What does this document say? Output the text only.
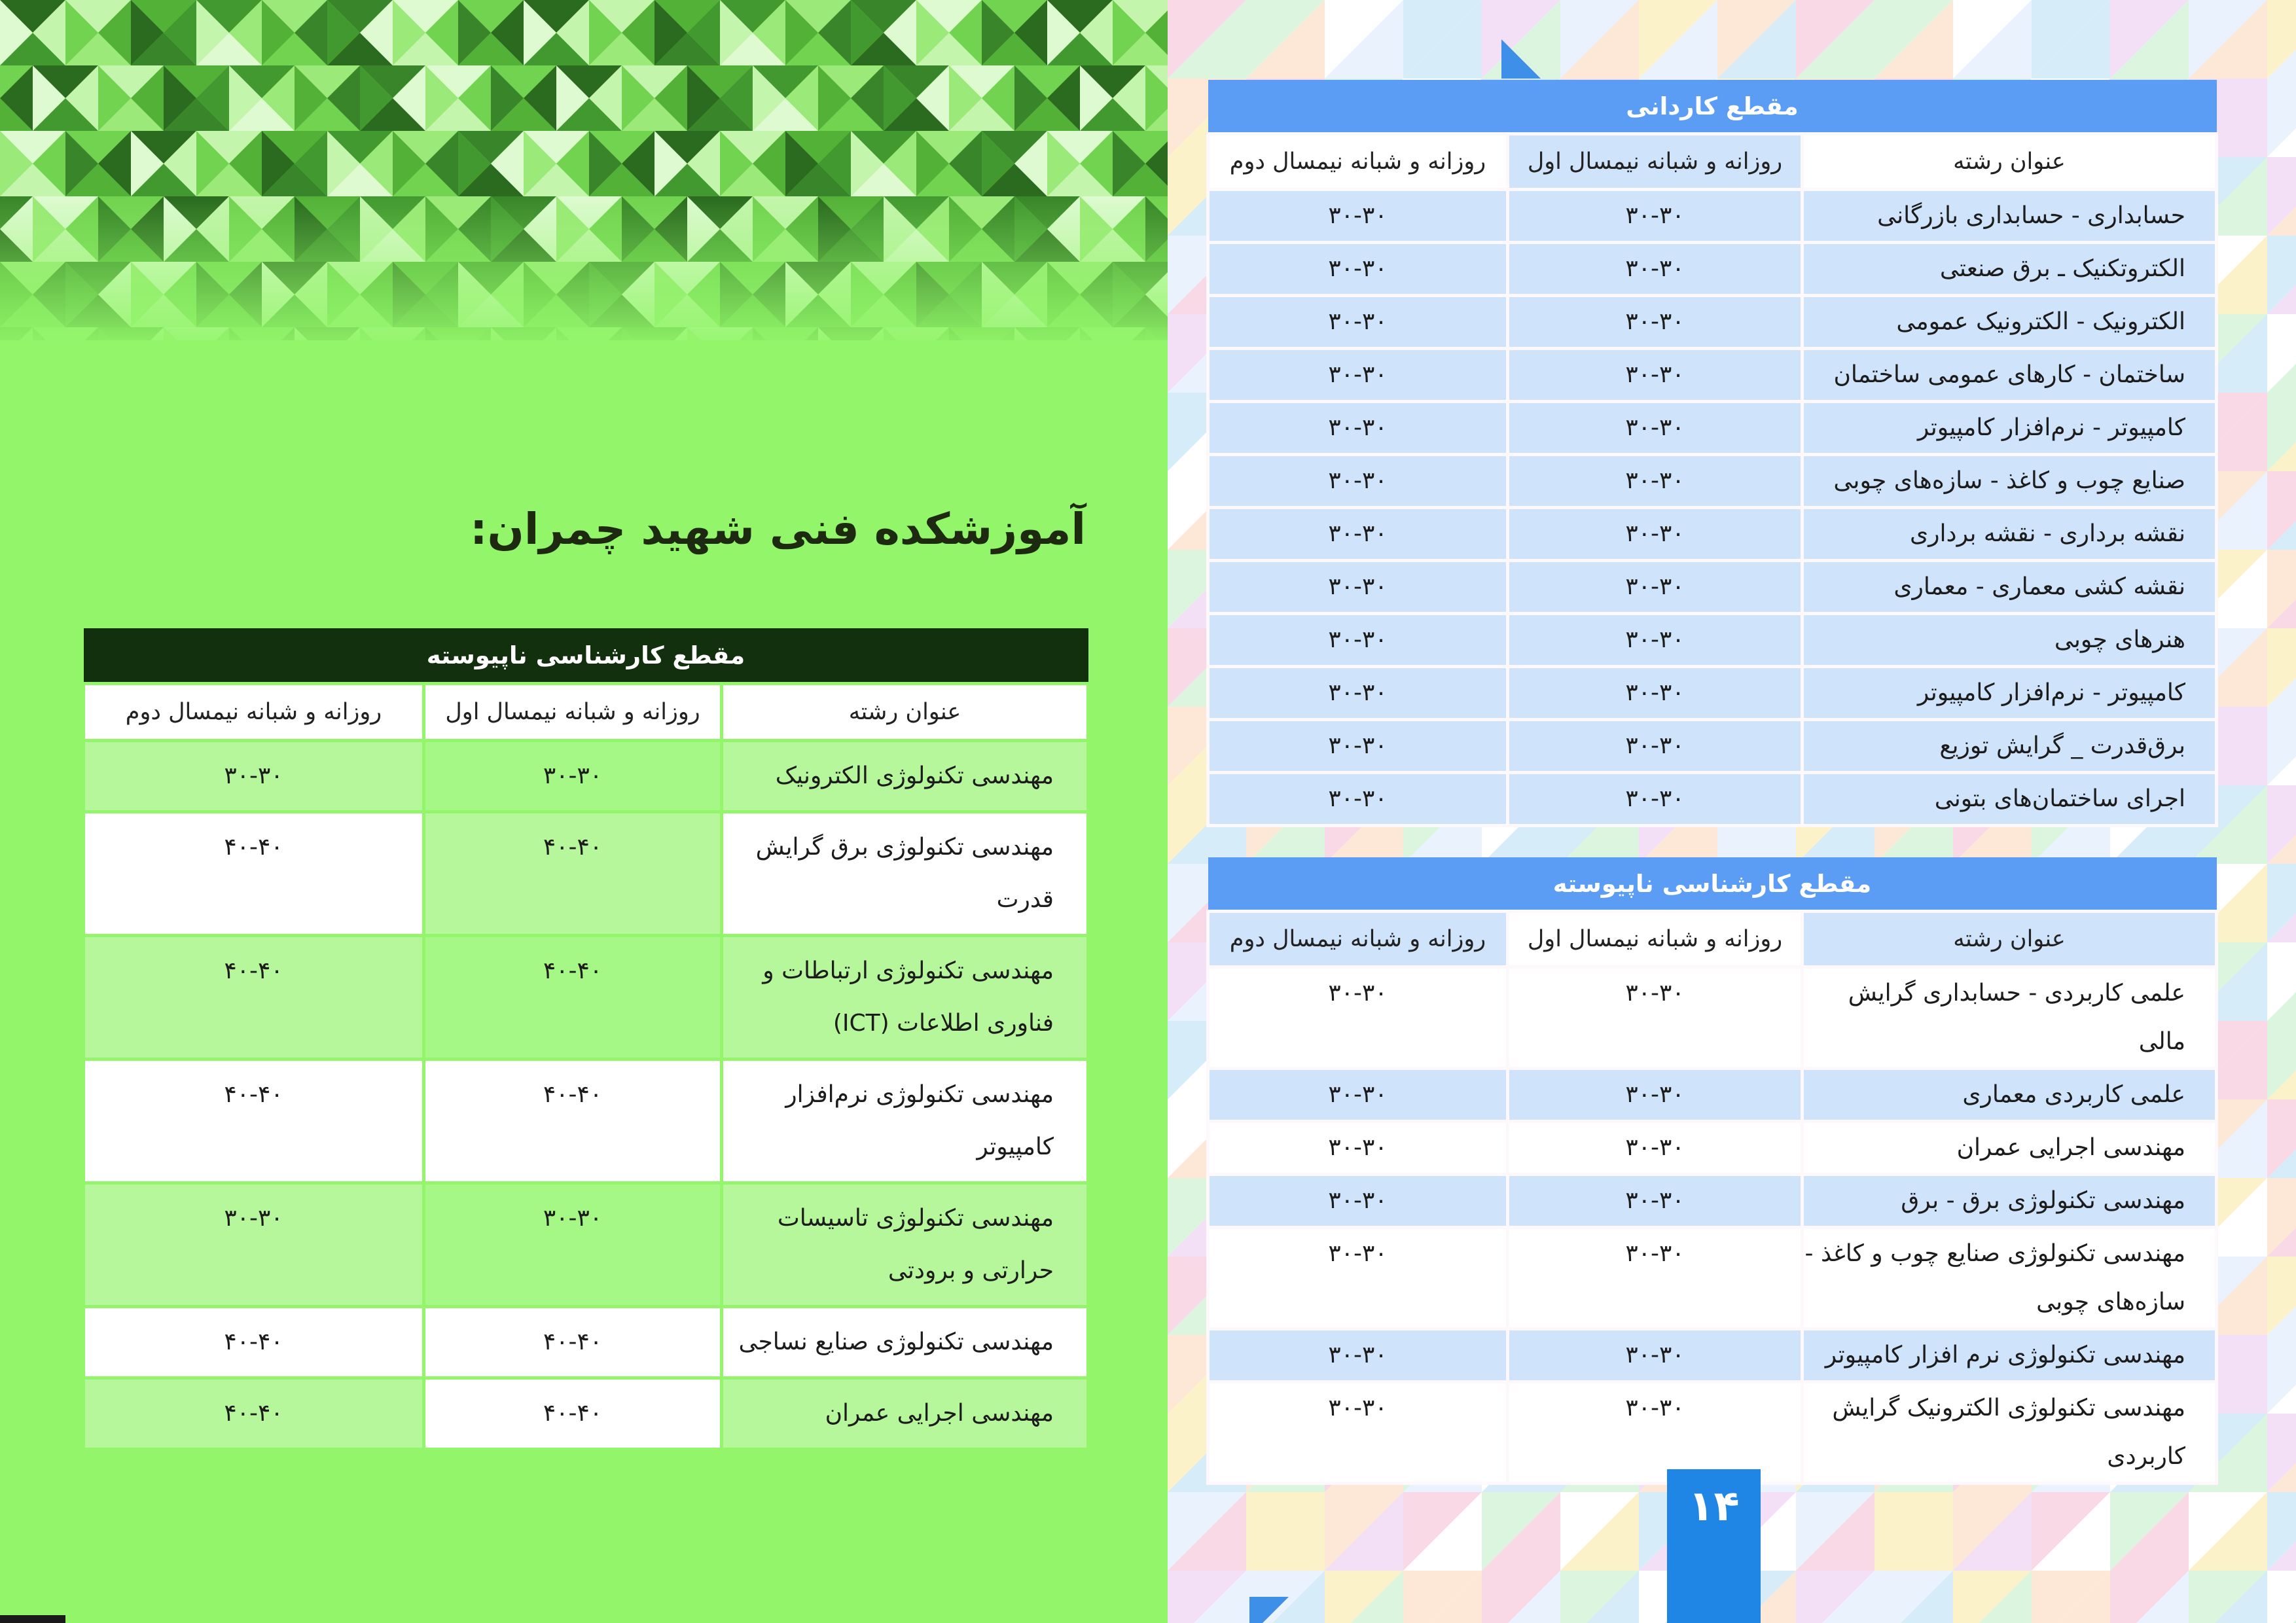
آموزشکده فنی شهید چمران:
مقطع کارشناسی ناپیوسته		
عنوان رشته	روزانه و شبانه نیمسال اول	روزانه و شبانه نیمسال دوم
مهندسی تکنولوژی الکترونیک	۳۰-۳۰	۳۰-۳۰
مهندسی تکنولوژی برق گرایش قدرت	۴۰-۴۰	۴۰-۴۰
مهندسی تکنولوژی ارتباطات و فناوری اطلاعات (ICT)	۴۰-۴۰	۴۰-۴۰
مهندسی تکنولوژی نرم‌افزار کامپیوتر	۴۰-۴۰	۴۰-۴۰
مهندسی تکنولوژی تاسیسات حرارتی و برودتی	۳۰-۳۰	۳۰-۳۰
مهندسی تکنولوژی صنایع نساجی	۴۰-۴۰	۴۰-۴۰
مهندسی اجرایی عمران	۴۰-۴۰	۴۰-۴۰
مقطع کاردانی		
عنوان رشته	روزانه و شبانه نیمسال اول	روزانه و شبانه نیمسال دوم
حسابداری - حسابداری بازرگانی	۳۰-۳۰	۳۰-۳۰
الکتروتکنیک ـ برق صنعتی	۳۰-۳۰	۳۰-۳۰
الکترونیک - الکترونیک عمومی	۳۰-۳۰	۳۰-۳۰
ساختمان - کارهای عمومی ساختمان	۳۰-۳۰	۳۰-۳۰
کامپیوتر - نرم‌افزار کامپیوتر	۳۰-۳۰	۳۰-۳۰
صنایع چوب و کاغذ - سازه‌های چوبی	۳۰-۳۰	۳۰-۳۰
نقشه برداری - نقشه برداری	۳۰-۳۰	۳۰-۳۰
نقشه کشی معماری - معماری	۳۰-۳۰	۳۰-۳۰
هنرهای چوبی	۳۰-۳۰	۳۰-۳۰
کامپیوتر - نرم‌افزار کامپیوتر	۳۰-۳۰	۳۰-۳۰
برق‌قدرت _ گرایش توزیع	۳۰-۳۰	۳۰-۳۰
اجرای ساختمان‌های بتونی	۳۰-۳۰	۳۰-۳۰
مقطع کارشناسی ناپیوسته		
عنوان رشته	روزانه و شبانه نیمسال اول	روزانه و شبانه نیمسال دوم
علمی کاربردی - حسابداری گرایش مالی	۳۰-۳۰	۳۰-۳۰
علمی کاربردی معماری	۳۰-۳۰	۳۰-۳۰
مهندسی اجرایی عمران	۳۰-۳۰	۳۰-۳۰
مهندسی تکنولوژی برق - برق	۳۰-۳۰	۳۰-۳۰
مهندسی تکنولوژی صنایع چوب و کاغذ - سازه‌های چوبی	۳۰-۳۰	۳۰-۳۰
مهندسی تکنولوژی نرم افزار کامپیوتر	۳۰-۳۰	۳۰-۳۰
مهندسی تکنولوژی الکترونیک گرایش کاربردی	۳۰-۳۰	۳۰-۳۰
۱۴
